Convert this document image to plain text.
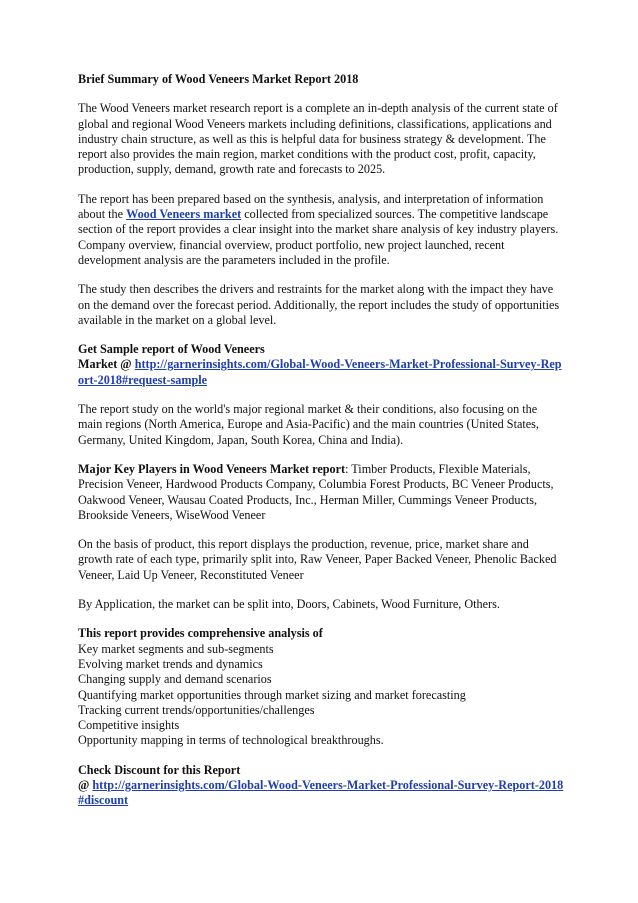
Brief Summary of Wood Veneers Market Report 2018

The Wood Veneers market research report is a complete an in-depth analysis of the current state of global and regional Wood Veneers markets including definitions, classifications, applications and industry chain structure, as well as this is helpful data for business strategy & development. The report also provides the main region, market conditions with the product cost, profit, capacity, production, supply, demand, growth rate and forecasts to 2025.

The report has been prepared based on the synthesis, analysis, and interpretation of information about the Wood Veneers market collected from specialized sources. The competitive landscape section of the report provides a clear insight into the market share analysis of key industry players. Company overview, financial overview, product portfolio, new project launched, recent development analysis are the parameters included in the profile.

The study then describes the drivers and restraints for the market along with the impact they have on the demand over the forecast period. Additionally, the report includes the study of opportunities available in the market on a global level.

Get Sample report of Wood Veneers
Market @ http://garnerinsights.com/Global-Wood-Veneers-Market-Professional-Survey-Report-2018#request-sample

The report study on the world's major regional market & their conditions, also focusing on the main regions (North America, Europe and Asia-Pacific) and the main countries (United States, Germany, United Kingdom, Japan, South Korea, China and India).

Major Key Players in Wood Veneers Market report: Timber Products, Flexible Materials, Precision Veneer, Hardwood Products Company, Columbia Forest Products, BC Veneer Products, Oakwood Veneer, Wausau Coated Products, Inc., Herman Miller, Cummings Veneer Products, Brookside Veneers, WiseWood Veneer

On the basis of product, this report displays the production, revenue, price, market share and growth rate of each type, primarily split into, Raw Veneer, Paper Backed Veneer, Phenolic Backed Veneer, Laid Up Veneer, Reconstituted Veneer

By Application, the market can be split into, Doors, Cabinets, Wood Furniture, Others.

This report provides comprehensive analysis of
Key market segments and sub-segments
Evolving market trends and dynamics
Changing supply and demand scenarios
Quantifying market opportunities through market sizing and market forecasting
Tracking current trends/opportunities/challenges
Competitive insights
Opportunity mapping in terms of technological breakthroughs.

Check Discount for this Report
@ http://garnerinsights.com/Global-Wood-Veneers-Market-Professional-Survey-Report-2018#discount
